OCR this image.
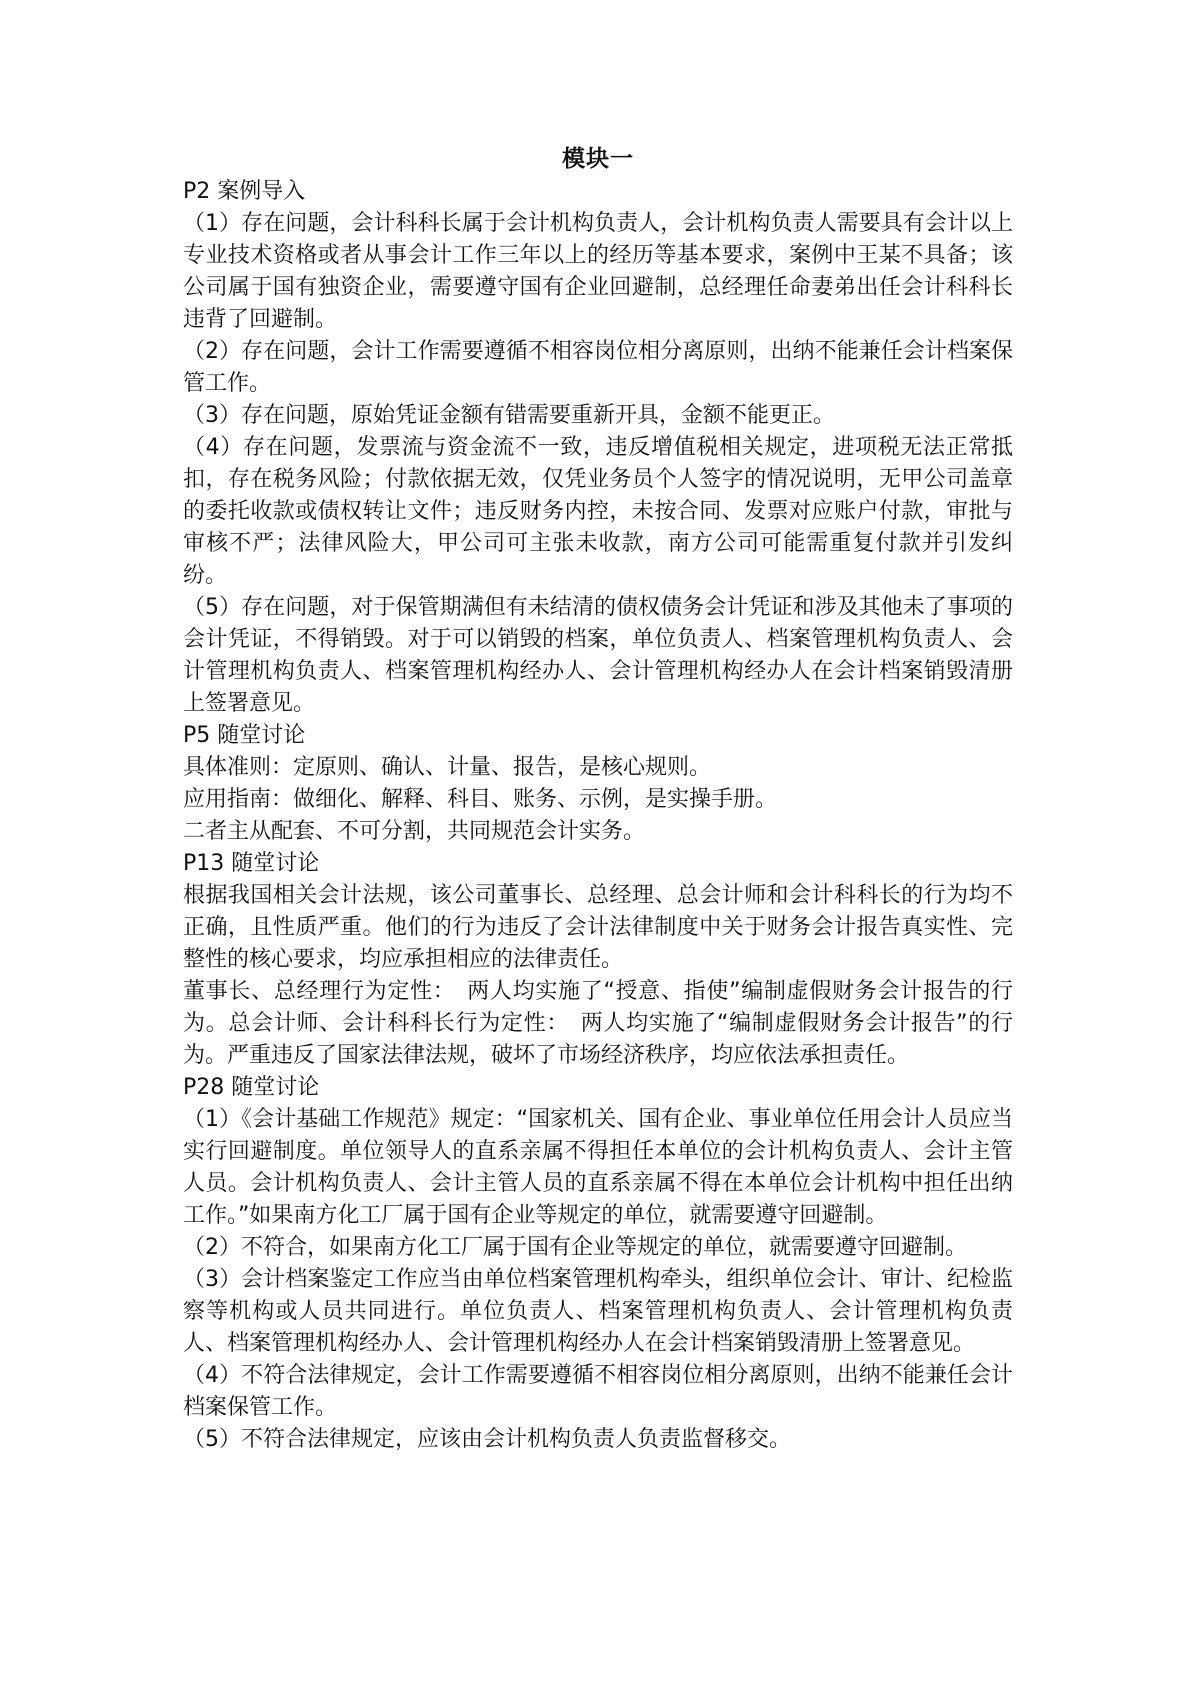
模块一
P2 案例导入
（1）存在问题，会计科科长属于会计机构负责人，会计机构负责人需要具有会计以上专业技术资格或者从事会计工作三年以上的经历等基本要求，案例中王某不具备；该公司属于国有独资企业，需要遵守国有企业回避制，总经理任命妻弟出任会计科科长违背了回避制。
（2）存在问题，会计工作需要遵循不相容岗位相分离原则，出纳不能兼任会计档案保管工作。
（3）存在问题，原始凭证金额有错需要重新开具，金额不能更正。
（4）存在问题，发票流与资金流不一致，违反增值税相关规定，进项税无法正常抵扣，存在税务风险；付款依据无效，仅凭业务员个人签字的情况说明，无甲公司盖章的委托收款或债权转让文件；违反财务内控，未按合同、发票对应账户付款，审批与审核不严；法律风险大，甲公司可主张未收款，南方公司可能需重复付款并引发纠纷。
（5）存在问题，对于保管期满但有未结清的债权债务会计凭证和涉及其他未了事项的会计凭证，不得销毁。对于可以销毁的档案，单位负责人、档案管理机构负责人、会计管理机构负责人、档案管理机构经办人、会计管理机构经办人在会计档案销毁清册上签署意见。
P5 随堂讨论
具体准则：定原则、确认、计量、报告，是核心规则。
应用指南：做细化、解释、科目、账务、示例，是实操手册。
二者主从配套、不可分割，共同规范会计实务。
P13 随堂讨论
根据我国相关会计法规，该公司董事长、总经理、总会计师和会计科科长的行为均不正确，且性质严重。他们的行为违反了会计法律制度中关于财务会计报告真实性、完整性的核心要求，均应承担相应的法律责任。
董事长、总经理行为定性：　两人均实施了“授意、指使”编制虚假财务会计报告的行为。总会计师、会计科科长行为定性：　两人均实施了“编制虚假财务会计报告”的行为。严重违反了国家法律法规，破坏了市场经济秩序，均应依法承担责任。
P28 随堂讨论
（1）《会计基础工作规范》规定：“国家机关、国有企业、事业单位任用会计人员应当实行回避制度。单位领导人的直系亲属不得担任本单位的会计机构负责人、会计主管人员。会计机构负责人、会计主管人员的直系亲属不得在本单位会计机构中担任出纳工作。”如果南方化工厂属于国有企业等规定的单位，就需要遵守回避制。
（2）不符合，如果南方化工厂属于国有企业等规定的单位，就需要遵守回避制。
（3）会计档案鉴定工作应当由单位档案管理机构牵头，组织单位会计、审计、纪检监察等机构或人员共同进行。单位负责人、档案管理机构负责人、会计管理机构负责人、档案管理机构经办人、会计管理机构经办人在会计档案销毁清册上签署意见。
（4）不符合法律规定，会计工作需要遵循不相容岗位相分离原则，出纳不能兼任会计档案保管工作。
（5）不符合法律规定，应该由会计机构负责人负责监督移交。
